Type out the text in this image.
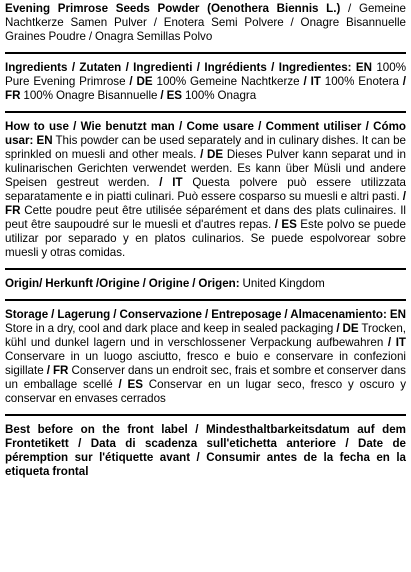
Evening Primrose Seeds Powder (Oenothera Biennis L.) / Gemeine Nachtkerze Samen Pulver / Enotera Semi Polvere / Onagre Bisannuelle Graines Poudre / Onagra Semillas Polvo
Ingredients / Zutaten / Ingredienti / Ingrédients / Ingredientes: EN 100% Pure Evening Primrose / DE 100% Gemeine Nachtkerze / IT 100% Enotera / FR 100% Onagre Bisannuelle / ES 100% Onagra
How to use / Wie benutzt man / Come usare / Comment utiliser / Cómo usar: EN This powder can be used separately and in culinary dishes. It can be sprinkled on muesli and other meals. / DE Dieses Pulver kann separat und in kulinarischen Gerichten verwendet werden. Es kann über Müsli und andere Speisen gestreut werden. / IT Questa polvere può essere utilizzata separatamente e in piatti culinari. Può essere cosparso su muesli e altri pasti. / FR Cette poudre peut être utilisée séparément et dans des plats culinaires. Il peut être saupoudré sur le muesli et d'autres repas. / ES Este polvo se puede utilizar por separado y en platos culinarios. Se puede espolvorear sobre muesli y otras comidas.
Origin/ Herkunft /Origine / Origine / Origen: United Kingdom
Storage / Lagerung / Conservazione / Entreposage / Almacenamiento: EN Store in a dry, cool and dark place and keep in sealed packaging / DE Trocken, kühl und dunkel lagern und in verschlossener Verpackung aufbewahren / IT Conservare in un luogo asciutto, fresco e buio e conservare in confezioni sigillate / FR Conserver dans un endroit sec, frais et sombre et conserver dans un emballage scellé / ES Conservar en un lugar seco, fresco y oscuro y conservar en envases cerrados
Best before on the front label / Mindesthaltbarkeitsdatum auf dem Frontetikett / Data di scadenza sull'etichetta anteriore / Date de péremption sur l'étiquette avant / Consumir antes de la fecha en la etiqueta frontal
